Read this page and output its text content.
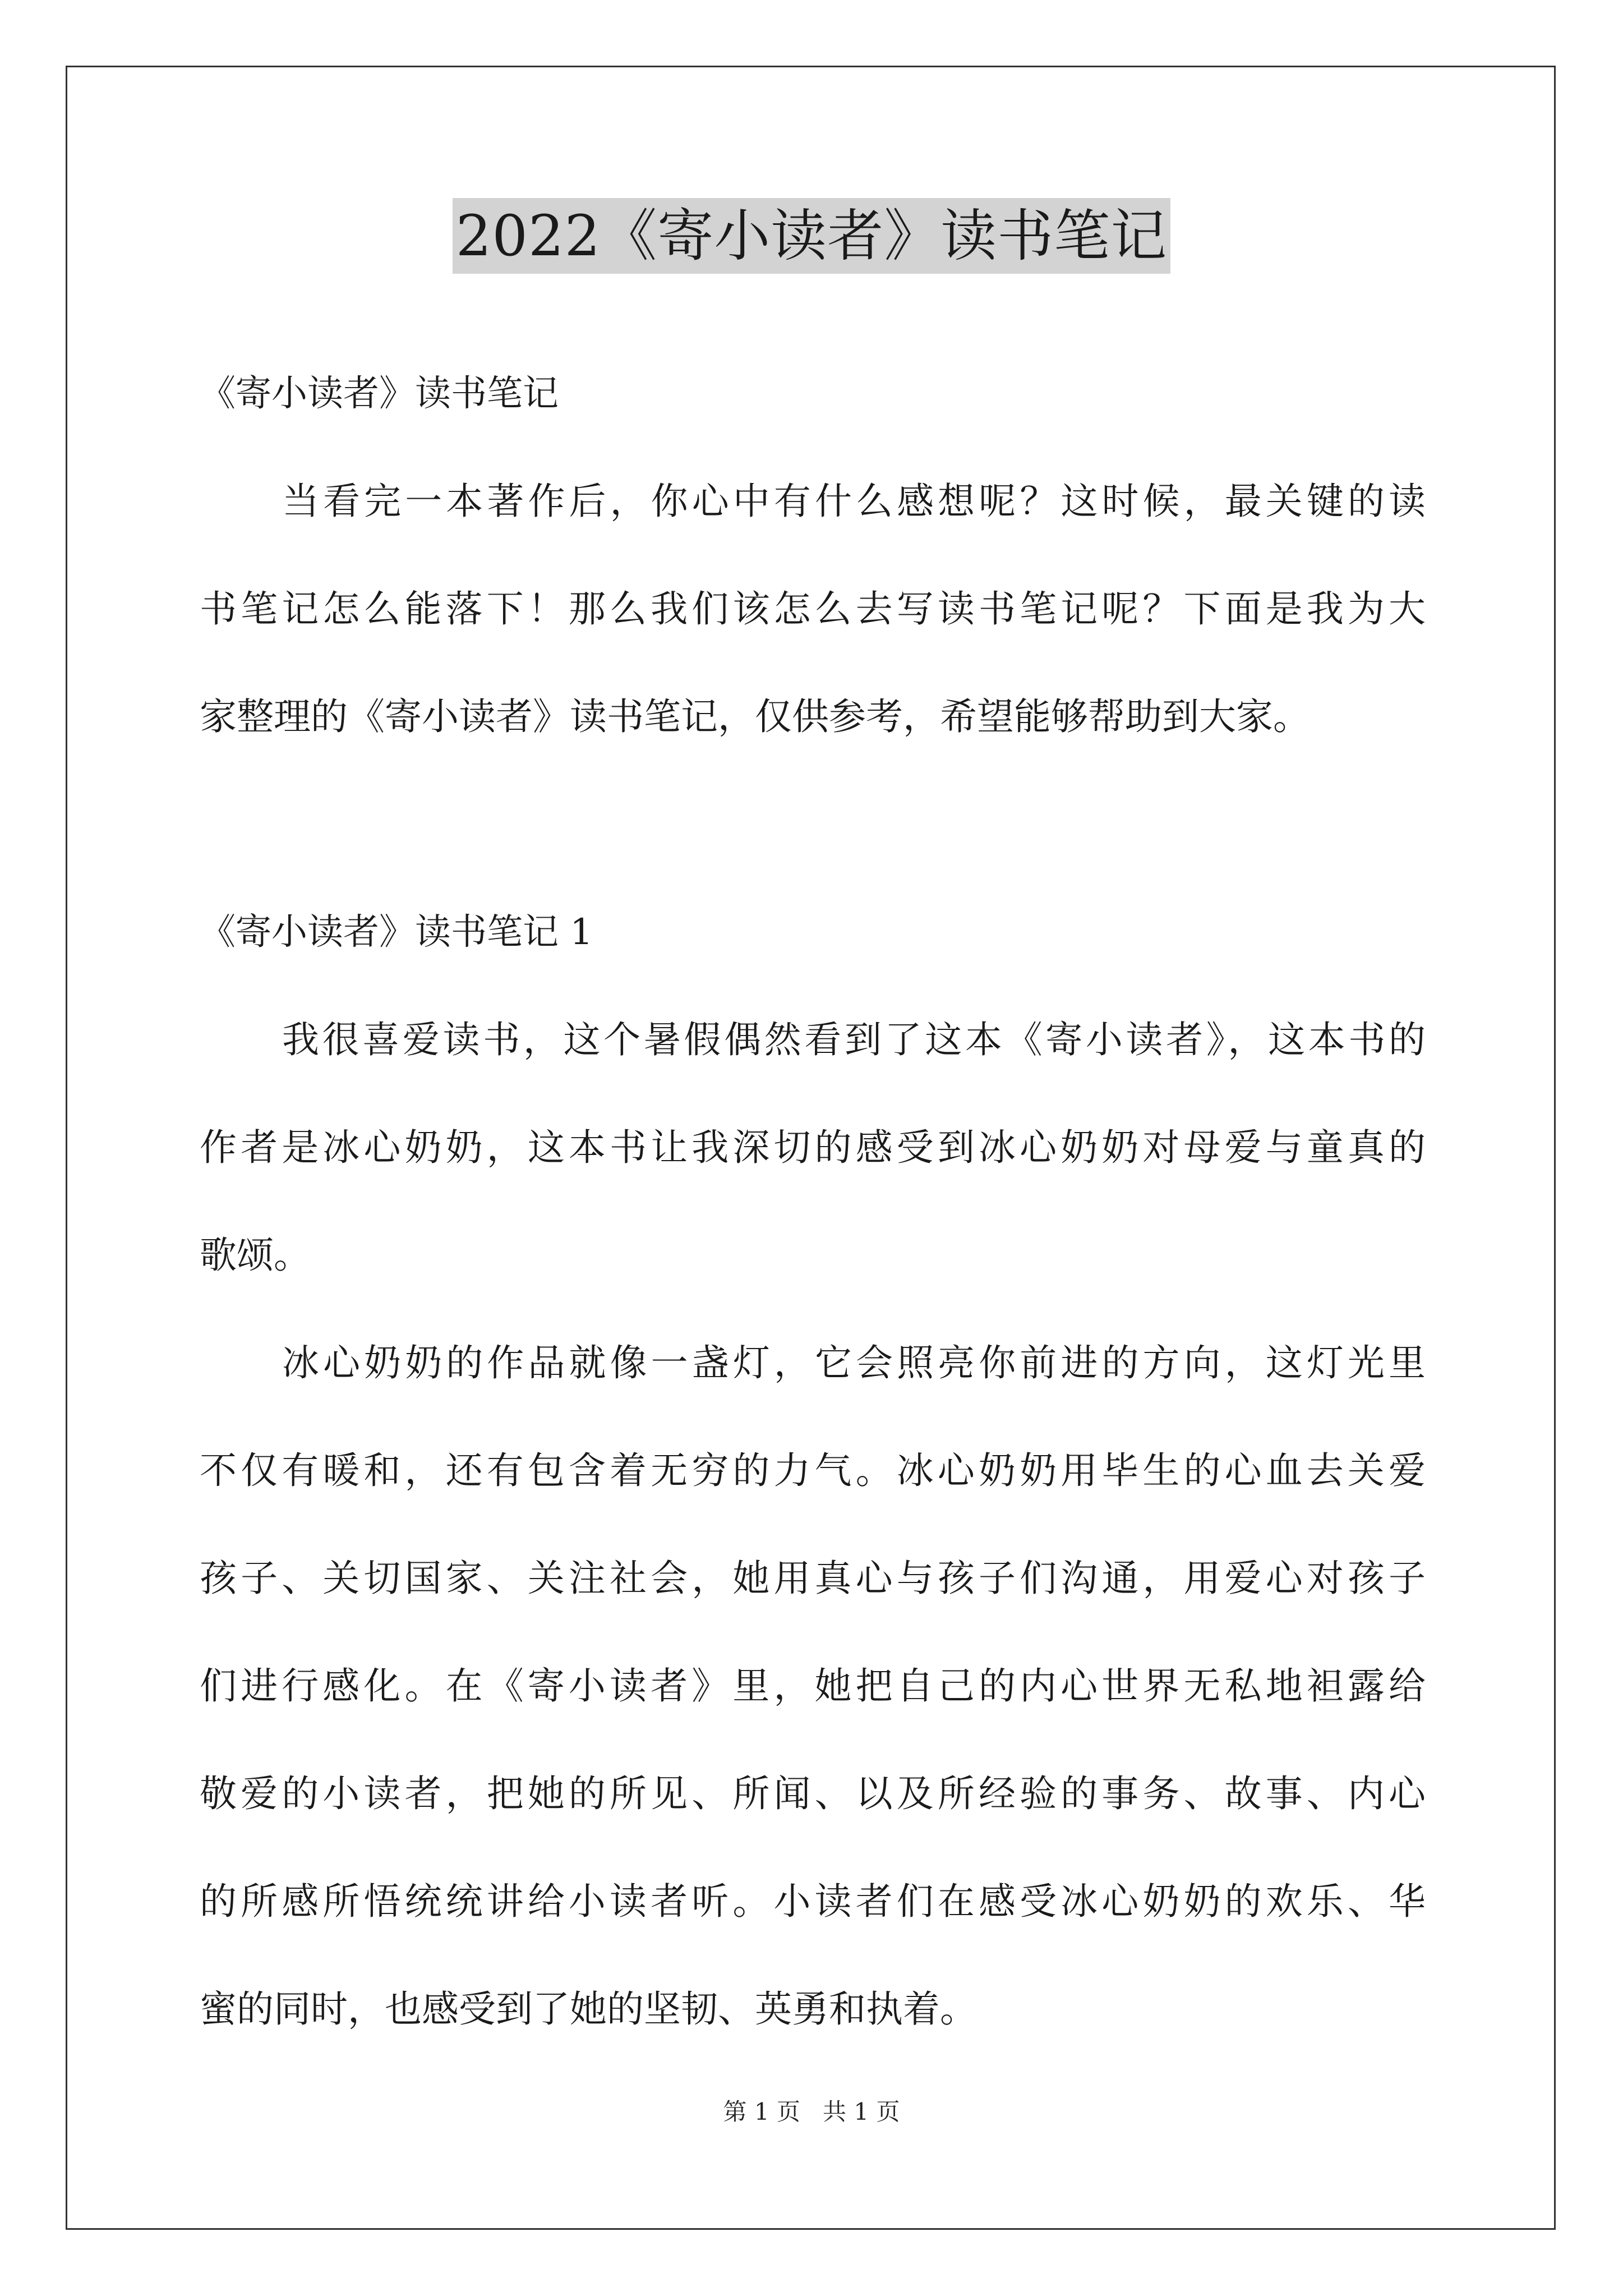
2022《寄小读者》读书笔记
《寄小读者》读书笔记
当看完一本著作后，你心中有什么感想呢？这时候，最关键的读
书笔记怎么能落下！那么我们该怎么去写读书笔记呢？下面是我为大
家整理的《寄小读者》读书笔记，仅供参考，希望能够帮助到大家。
《寄小读者》读书笔记 1
我很喜爱读书，这个暑假偶然看到了这本《寄小读者》，这本书的
作者是冰心奶奶，这本书让我深切的感受到冰心奶奶对母爱与童真的
歌颂。
冰心奶奶的作品就像一盏灯，它会照亮你前进的方向，这灯光里
不仅有暖和，还有包含着无穷的力气。冰心奶奶用毕生的心血去关爱
孩子、关切国家、关注社会，她用真心与孩子们沟通，用爱心对孩子
们进行感化。在《寄小读者》里，她把自己的内心世界无私地袒露给
敬爱的小读者，把她的所见、所闻、以及所经验的事务、故事、内心
的所感所悟统统讲给小读者听。小读者们在感受冰心奶奶的欢乐、华
蜜的同时，也感受到了她的坚韧、英勇和执着。
第 1 页   共 1 页
